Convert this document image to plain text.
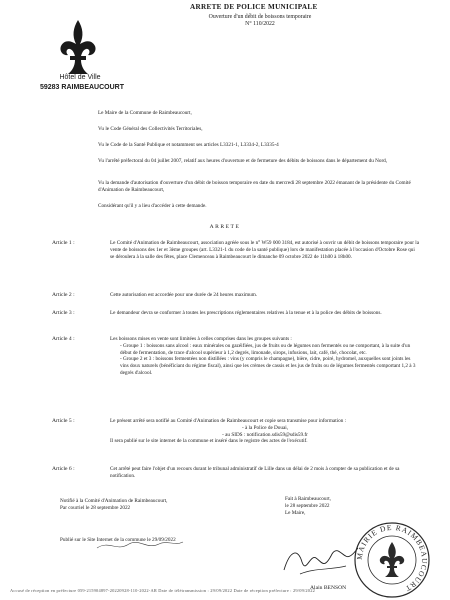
ARRETE DE POLICE MUNICIPALE
Ouverture d'un débit de boissons temporaire
N° 110/2022
Hôtel de Ville
59283 RAIMBEAUCOURT
Le Maire de la Commune de Raimbeaucourt,
Vu le Code Général des Collectivités Territoriales,
Vu le Code de la Santé Publique et notamment ses articles L3321-1, L3334-2, L3335-4
Vu l'arrêté préfectoral du 04 juillet 2007, relatif aux heures d'ouverture et de fermeture des débits de boissons dans le département du Nord,
Vu la demande d'autorisation d'ouverture d'un débit de boisson temporaire en date du mercredi 28 septembre 2022 émanant de la présidente du Comité d'Animation de Raimbeaucourt,
Considérant qu'il y a lieu d'accéder à cette demande.
ARRETE
Article 1 :	Le Comité d'Animation de Raimbeaucourt, association agréée sous le n° W59 000 3184, est autorisé à ouvrir un débit de boissons temporaire pour la vente de boissons des 1er et 3ème groupes (art. L3321-1 du code de la santé publique) lors de manifestation placée à l'occasion d'Octobre Rose qui se déroulera à la salle des fêtes, place Clemenceau à Raimbeaucourt le dimanche 09 octobre 2022 de 11h00 à 18h00.
Article 2 :	Cette autorisation est accordée pour une durée de 24 heures maximum.
Article 3 :	Le demandeur devra se conformer à toutes les prescriptions réglementaires relatives à la tenue et à la police des débits de boissons.
Article 4 :	Les boissons mises en vente sont limitées à celles comprises dans les groupes suivants :
- Groupe 1 : boissons sans alcool : eaux minérales ou gazéifiées, jus de fruits ou de légumes non fermentés ou ne comportant, à la suite d'un début de fermentation, de trace d'alcool supérieur à 1,2 degrés, limonade, sirops, infusions, lait, café, thé, chocolat, etc.
- Groupe 2 et 3 : boissons fermentées non distillées : vins (y compris le champagne), bière, cidre, poiré, hydromel, auxquelles sont joints les vins doux naturels (bénéficiant du régime fiscal), ainsi que les crèmes de cassis et les jus de fruits ou de légumes fermentés comportant 1,2 à 3 degrés d'alcool.
Article 5 :	Le présent arrêté sera notifié au Comité d'Animation de Raimbeaucourt et copie sera transmise pour information :
- à la Police de Douai,
- au SIDS : notification.sdis59@sdis59.fr
Il sera publié sur le site internet de la commune et inséré dans le registre des actes de l'exécutif.
Article 6 :	Cet arrêté peut faire l'objet d'un recours durant le tribunal administratif de Lille dans un délai de 2 mois à compter de sa publication et de sa notification.
Notifié à la Comité d'Animation de Raimbeaucourt,
Par courriel le 28 septembre 2022
Publié sur le Site Internet de la commune le 29/09/2022
Fait à Raimbeaucourt,
le 28 septembre 2022
Le Maire,
Alain BENSON
MAIRIE DE RAIMBEAUCOURT
Accusé de réception en préfecture 059-215904897-20220928-110-2022-AR Date de télétransmission : 29/09/2022 Date de réception préfecture : 29/09/2022
